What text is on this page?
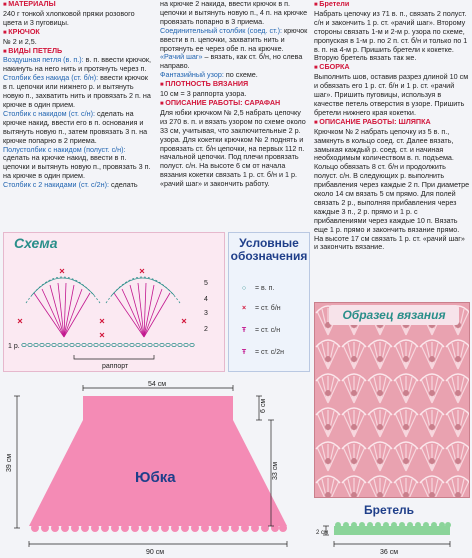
■ МАТЕРИАЛЫ

240 г тонкой хлопковой пряжи розового цвета и 3 пуговицы.

■ КРЮЧОК

№ 2 и 2,5.

■ ВИДЫ ПЕТЕЛЬ

Воздушная петля (в. п.): в. п. ввести крючок, накинуть на него нить и протянуть через п.

Столбик без накида (ст. б/н): ввести крючок в п. цепочки или нижнего р. и вытянуть новую п., захватить нить и провязать 2 п. на крючке в один прием.

Столбик с накидом (ст. с/н): сделать на крючке накид, ввести его в п. основания и вытянуть новую п., затем провязать 3 п. на крючке попарно в 2 приема.

Полустолбик с накидом (полуст. с/н): сделать на крючке накид, ввести в п. цепочки и вытянуть новую п., провязать 3 п. на крючке в один прием.

Столбик с 2 накидами (ст. с/2н): сделать

на крючке 2 накида, ввести крючок в п. цепочки и вытянуть новую п., 4 п. на крючке провязать попарно в 3 приема.

Соединительный столбик (соед. ст.): крючок ввести в п. цепочки, захватить нить и протянуть ее через обе п. на крючке.

«Рачий шаг» – вязать, как ст. б/н, но слева направо.

Фантазийный узор: по схеме.

■ ПЛОТНОСТЬ ВЯЗАНИЯ

10 см = 3 раппорта узора.

■ ОПИСАНИЕ РАБОТЫ: САРАФАН

Для юбки крючком № 2,5 набрать цепочку из 270 в. п. и вязать узором по схеме около 33 см, учитывая, что заключительные 2 р. узора. Для кокетки крючком № 2 поднять и провязать ст. б/н цепочки, на первых 112 п. начальной цепочки. Под плечи провязать полуст. с/н. На высоте 6 см от начала вязания кокетки связать 1 р. ст. б/н и 1 р. «рачий шаг» и закончить работу.

■ Бретели

Набрать цепочку из 71 в. п., связать 2 полуст. с/н и закончить 1 р. ст. «рачий шаг». Второму стороны связать 1-м и 2-м р. узора по схеме, пропуская в 1-м р. по 2 п. ст. б/н и только по 1 в. п. на 4-м р. Пришить бретели к кокетке. Вторую бретель вязать так же.

■ СБОРКА

Выполнить шов, оставив разрез длиной 10 см и обвязать его 1 р. ст. б/н и 1 р. ст. «рачий шаг». Пришить пуговицы, используя в качестве петель отверстия в узоре. Пришить бретели нижнего края кокетки.

■ ОПИСАНИЕ РАБОТЫ: ШЛЯПКА

Крючком № 2 набрать цепочку из 5 в. п., замкнуть в кольцо соед. ст. Далее вязать, замыкая каждый р. соед. ст. и начиная необходимым количеством в. п. подъема. Кольцо обвязать 8 ст. б/н и продолжить полуст. с/н. В следующих р. выполнить прибавления через каждые 2 п. При диаметре около 14 см вязать 5 см прямо. Для полей связать 2 р., выполняя прибавления через каждые 3 п., 2 р. прямо и 1 р. с прибавлениями через каждые 10 п. Вязать еще 1 р. прямо и закончить вязание прямо. На высоте 17 см связать 1 р. ст. «рачий шаг» и закончить вязание.

Схема
5
4
3
2
1 р.
раппорт
Условные
обозначения
○ = в. п.
× = ст. б/н
Ŧ = ст. с/н
Ŧ = ст. с/2н
Образец вязания
54 см
90 см
6 см
33 см
39 см
Юбка
Бретель
36 см
2 см
